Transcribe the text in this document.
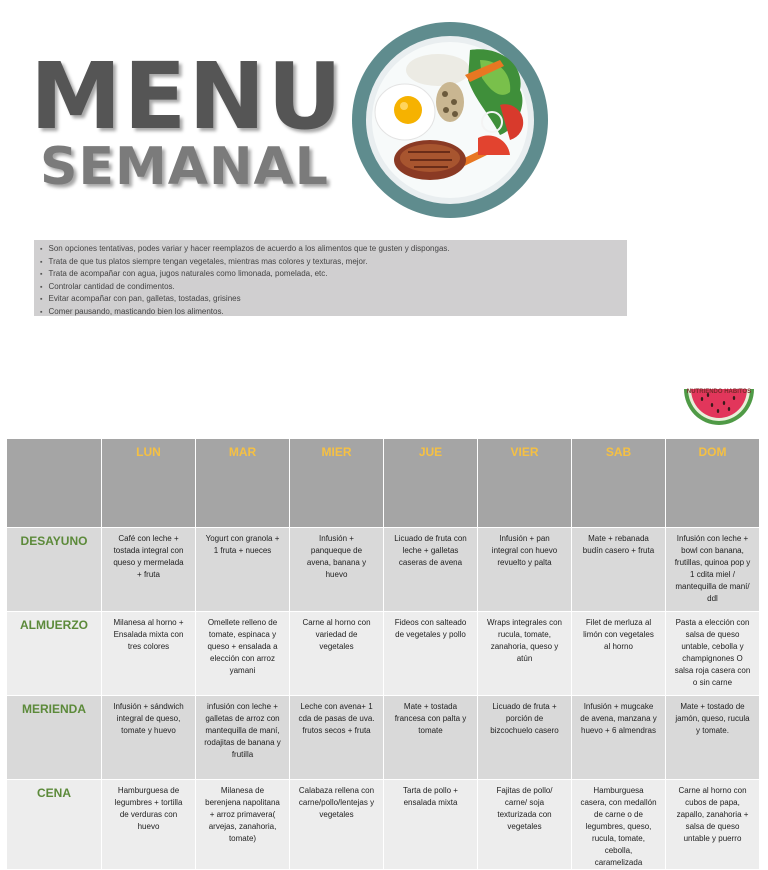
MENU
SEMANAL
▪ Son opciones tentativas, podes variar y hacer reemplazos de acuerdo a los alimentos que te gusten y dispongas.
▪ Trata de que tus platos siempre tengan vegetales, mientras mas colores y texturas, mejor.
▪ Trata de acompañar con agua, jugos naturales como limonada, pomelada, etc.
▪ Controlar cantidad de condimentos.
▪ Evitar acompañar con pan, galletas, tostadas, grisines
▪ Comer pausando, masticando bien los alimentos.
NUTRIENDO HABITOS
	LUN	MAR	MIER	JUE	VIER	SAB	DOM
DESAYUNO	Café con leche + tostada integral con queso y mermelada + fruta	Yogurt con granola + 1 fruta + nueces	Infusión + panqueque de avena, banana y huevo	Licuado de fruta con leche + galletas caseras de avena	Infusión + pan integral con huevo revuelto y palta	Mate + rebanada budín casero + fruta	Infusión con leche + bowl con banana, frutillas, quinoa pop y 1 cdita miel / mantequilla de maní/ ddl
ALMUERZO	Milanesa al horno + Ensalada mixta con tres colores	Omellete relleno de tomate, espinaca y queso + ensalada a elección con arroz yamani	Carne al horno con variedad de vegetales	Fideos con salteado de vegetales y pollo	Wraps integrales con rucula, tomate, zanahoria, queso y atún	Filet de merluza al limón con vegetales al horno	Pasta a elección con salsa de queso untable, cebolla y champignones O salsa roja casera con o sin carne
MERIENDA	Infusión + sándwich integral de queso, tomate y huevo	infusión con leche + galletas de arroz con mantequilla de maní, rodajitas de banana y frutilla	Leche con avena+ 1 cda de pasas de uva. frutos secos + fruta	Mate + tostada francesa con palta y tomate	Licuado de fruta + porción de bizcochuelo casero	Infusión + mugcake de avena, manzana y huevo + 6 almendras	Mate + tostado de jamón, queso, rucula y tomate.
CENA	Hamburguesa de legumbres + tortilla de verduras con huevo	Milanesa de berenjena napolitana + arroz primavera( arvejas, zanahoria, tomate)	Calabaza rellena con carne/pollo/lentejas y vegetales	Tarta de pollo + ensalada mixta	Fajitas de pollo/ carne/ soja texturizada con vegetales	Hamburguesa casera, con medallón de carne o de legumbres, queso, rucula, tomate, cebolla, caramelizada	Carne al horno con cubos de papa, zapallo, zanahoria + salsa de queso untable y puerro
